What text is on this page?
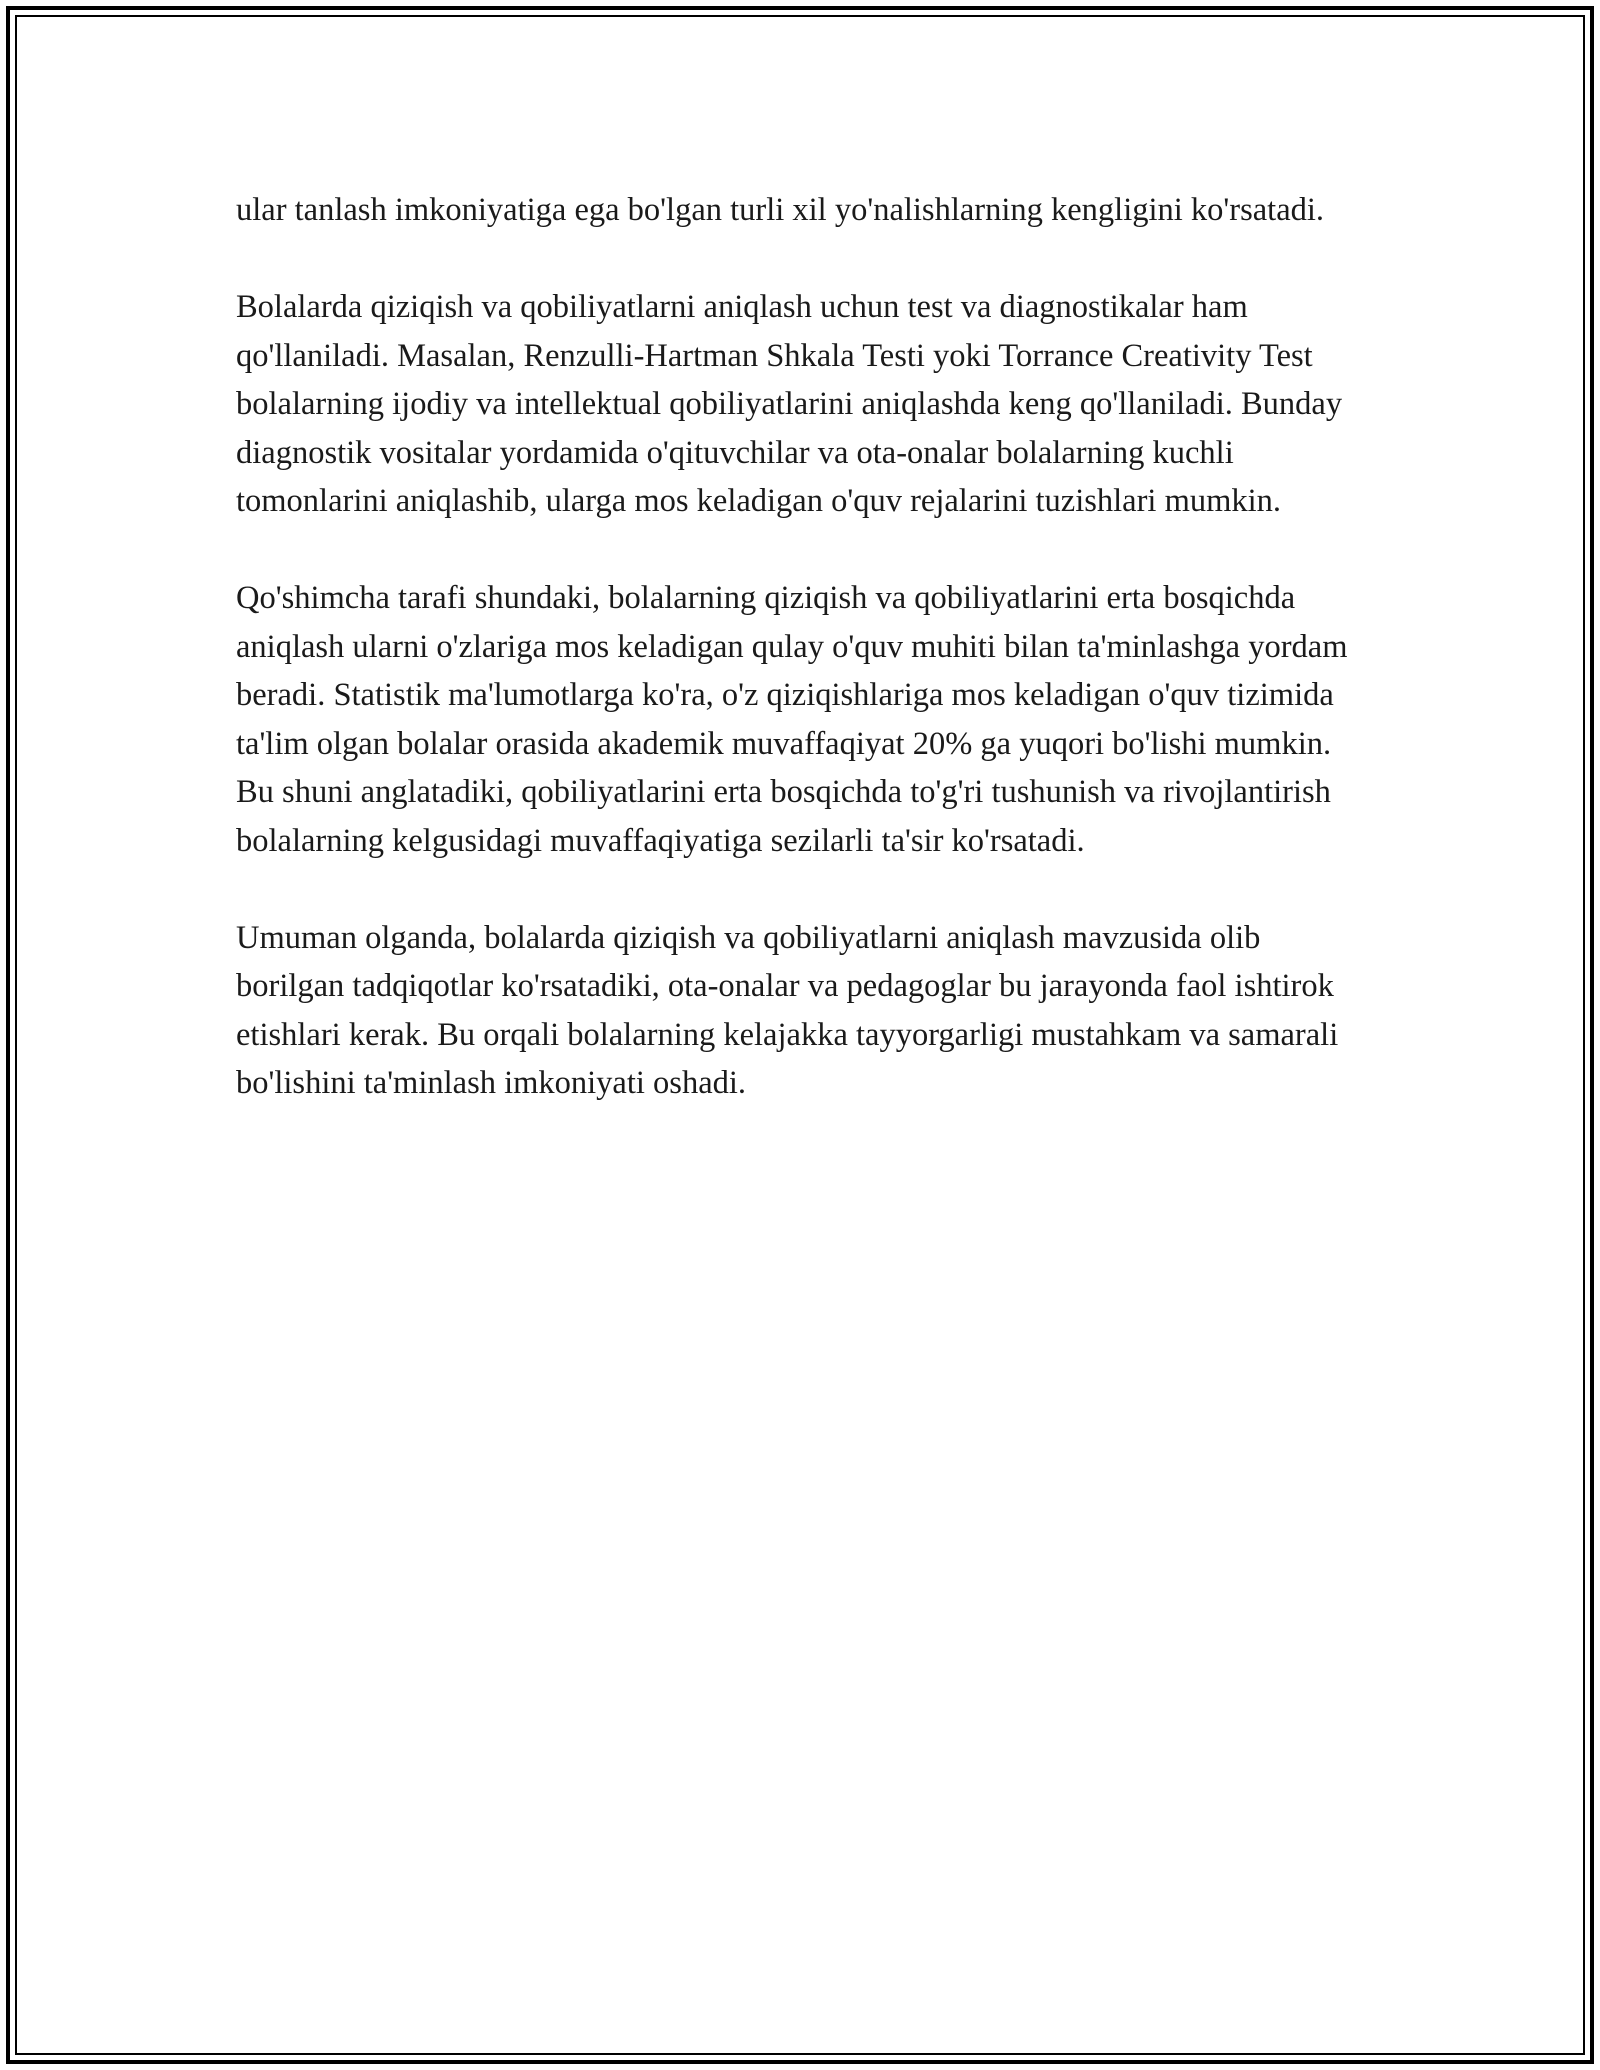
ular tanlash imkoniyatiga ega bo'lgan turli xil yo'nalishlarning kengligini ko'rsatadi.

Bolalarda qiziqish va qobiliyatlarni aniqlash uchun test va diagnostikalar ham qo'llaniladi. Masalan, Renzulli-Hartman Shkala Testi yoki Torrance Creativity Test bolalarning ijodiy va intellektual qobiliyatlarini aniqlashda keng qo'llaniladi. Bunday diagnostik vositalar yordamida o'qituvchilar va ota-onalar bolalarning kuchli tomonlarini aniqlashib, ularga mos keladigan o'quv rejalarini tuzishlari mumkin.

Qo'shimcha tarafi shundaki, bolalarning qiziqish va qobiliyatlarini erta bosqichda aniqlash ularni o'zlariga mos keladigan qulay o'quv muhiti bilan ta'minlashga yordam beradi. Statistik ma'lumotlarga ko'ra, o'z qiziqishlariga mos keladigan o'quv tizimida ta'lim olgan bolalar orasida akademik muvaffaqiyat 20% ga yuqori bo'lishi mumkin. Bu shuni anglatadiki, qobiliyatlarini erta bosqichda to'g'ri tushunish va rivojlantirish bolalarning kelgusidagi muvaffaqiyatiga sezilarli ta'sir ko'rsatadi.

Umuman olganda, bolalarda qiziqish va qobiliyatlarni aniqlash mavzusida olib borilgan tadqiqotlar ko'rsatadiki, ota-onalar va pedagoglar bu jarayonda faol ishtirok etishlari kerak. Bu orqali bolalarning kelajakka tayyorgarligi mustahkam va samarali bo'lishini ta'minlash imkoniyati oshadi.
